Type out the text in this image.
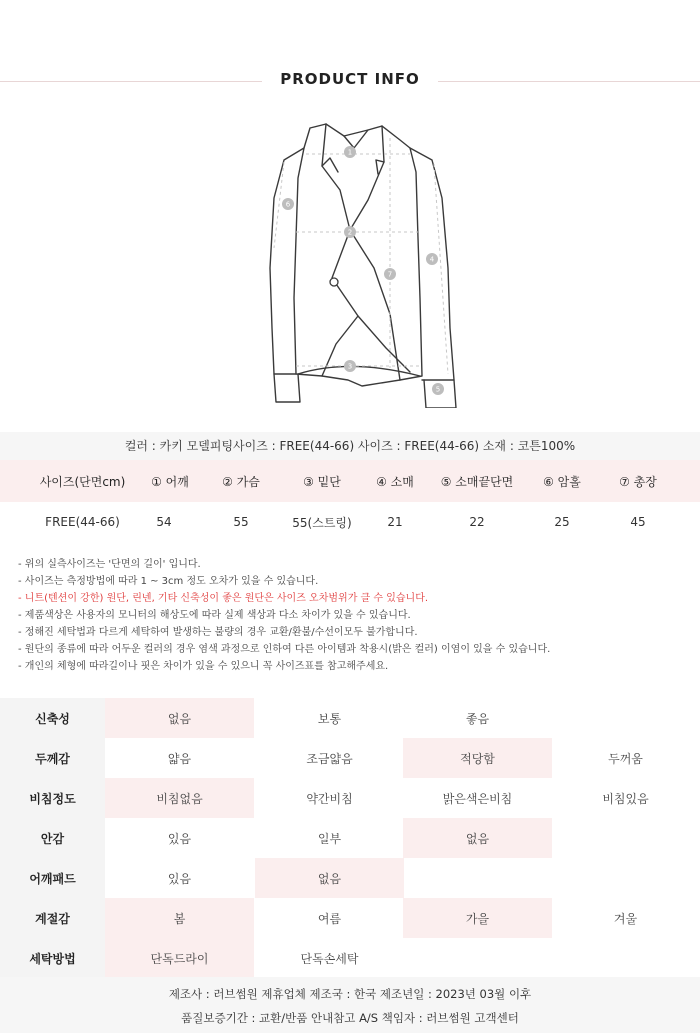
PRODUCT INFO
1
2
3
4
5
6
7
컬러 : 카키 모델피팅사이즈 : FREE(44-66) 사이즈 : FREE(44-66) 소재 : 코튼100%
사이즈(단면cm)	① 어깨	② 가슴	③ 밑단	④ 소매	⑤ 소매끝단면	⑥ 암홀	⑦ 총장
FREE(44-66)	54	55	55(스트링)	21	22	25	45
- 위의 실측사이즈는 '단면의 길이' 입니다.
- 사이즈는 측정방법에 따라 1 ~ 3cm 정도 오차가 있을 수 있습니다.
- 니트(텐션이 강한) 원단, 린넨, 기타 신축성이 좋은 원단은 사이즈 오차범위가 클 수 있습니다.
- 제품색상은 사용자의 모니터의 해상도에 따라 실제 색상과 다소 차이가 있을 수 있습니다.
- 정해진 세탁법과 다르게 세탁하여 발생하는 불량의 경우 교환/환불/수선이모두 불가합니다.
- 원단의 종류에 따라 어두운 컬러의 경우 염색 과정으로 인하여 다른 아이템과 착용시(밝은 컬러) 이염이 있을 수 있습니다.
- 개인의 체형에 따라길이나 핏은 차이가 있을 수 있으니 꼭 사이즈표를 참고해주세요.
신축성	없음	보통	좋음
두께감	얇음	조금얇음	적당함	두꺼움
비침정도	비침없음	약간비침	밝은색은비침	비침있음
안감	있음	일부	없음
어깨패드	있음	없음
계절감	봄	여름	가을	겨울
세탁방법	단독드라이	단독손세탁
제조사 : 러브썸원 제휴업체 제조국 : 한국 제조년일 : 2023년 03월 이후
품질보증기간 : 교환/반품 안내참고 A/S 책임자 : 러브썸원 고객센터
